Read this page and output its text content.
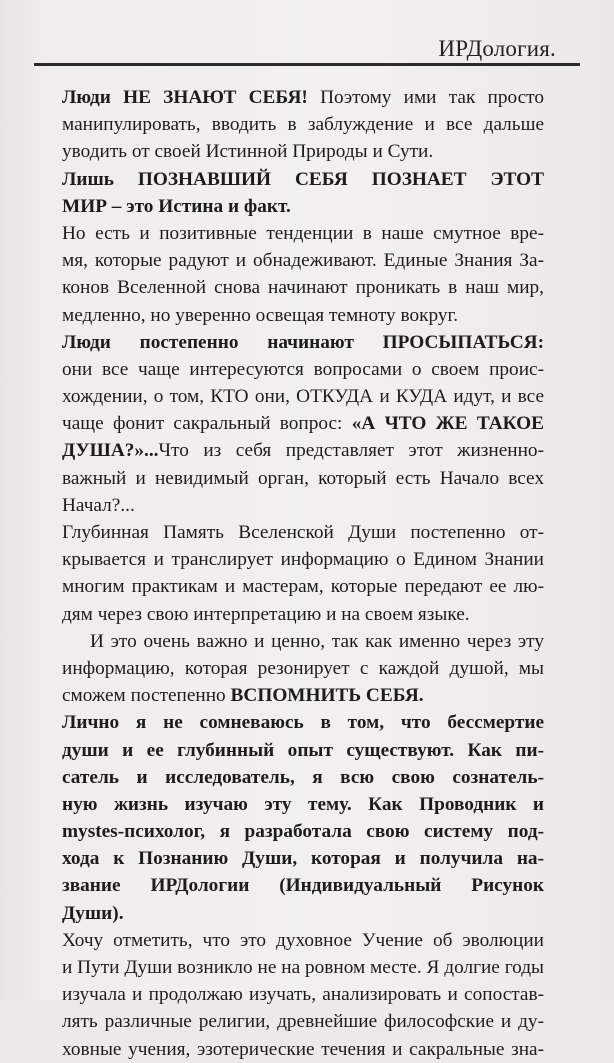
ИРДология.

Люди НЕ ЗНАЮТ СЕБЯ! Поэтому ими так просто
манипулировать, вводить в заблуждение и все дальше
уводить от своей Истинной Природы и Сути.

Лишь ПОЗНАВШИЙ СЕБЯ ПОЗНАЕТ ЭТОТ
МИР – это Истина и факт.

Но есть и позитивные тенденции в наше смутное вре-
мя, которые радуют и обнадеживают. Единые Знания За-
конов Вселенной снова начинают проникать в наш мир,
медленно, но уверенно освещая темноту вокруг.

Люди постепенно начинают ПРОСЫПАТЬСЯ:
они все чаще интересуются вопросами о своем проис-
хождении, о том, КТО они, ОТКУДА и КУДА идут, и все
чаще фонит сакральный вопрос: «А ЧТО ЖЕ ТАКОЕ
ДУША?»...Что из себя представляет этот жизненно-
важный и невидимый орган, который есть Начало всех
Начал?...

Глубинная Память Вселенской Души постепенно от-
крывается и транслирует информацию о Едином Знании
многим практикам и мастерам, которые передают ее лю-
дям через свою интерпретацию и на своем языке.

И это очень важно и ценно, так как именно через эту
информацию, которая резонирует с каждой душой, мы
сможем постепенно ВСПОМНИТЬ СЕБЯ.

Лично я не сомневаюсь в том, что бессмертие
души и ее глубинный опыт существуют. Как пи-
сатель и исследователь, я всю свою сознатель-
ную жизнь изучаю эту тему. Как Проводник и
mystes-психолог, я разработала свою систему под-
хода к Познанию Души, которая и получила на-
звание ИРДологии (Индивидуальный Рисунок
Души).

Хочу отметить, что это духовное Учение об эволюции
и Пути Души возникло не на ровном месте. Я долгие годы
изучала и продолжаю изучать, анализировать и сопостав-
лять различные религии, древнейшие философские и ду-
ховные учения, эзотерические течения и сакральные зна-
